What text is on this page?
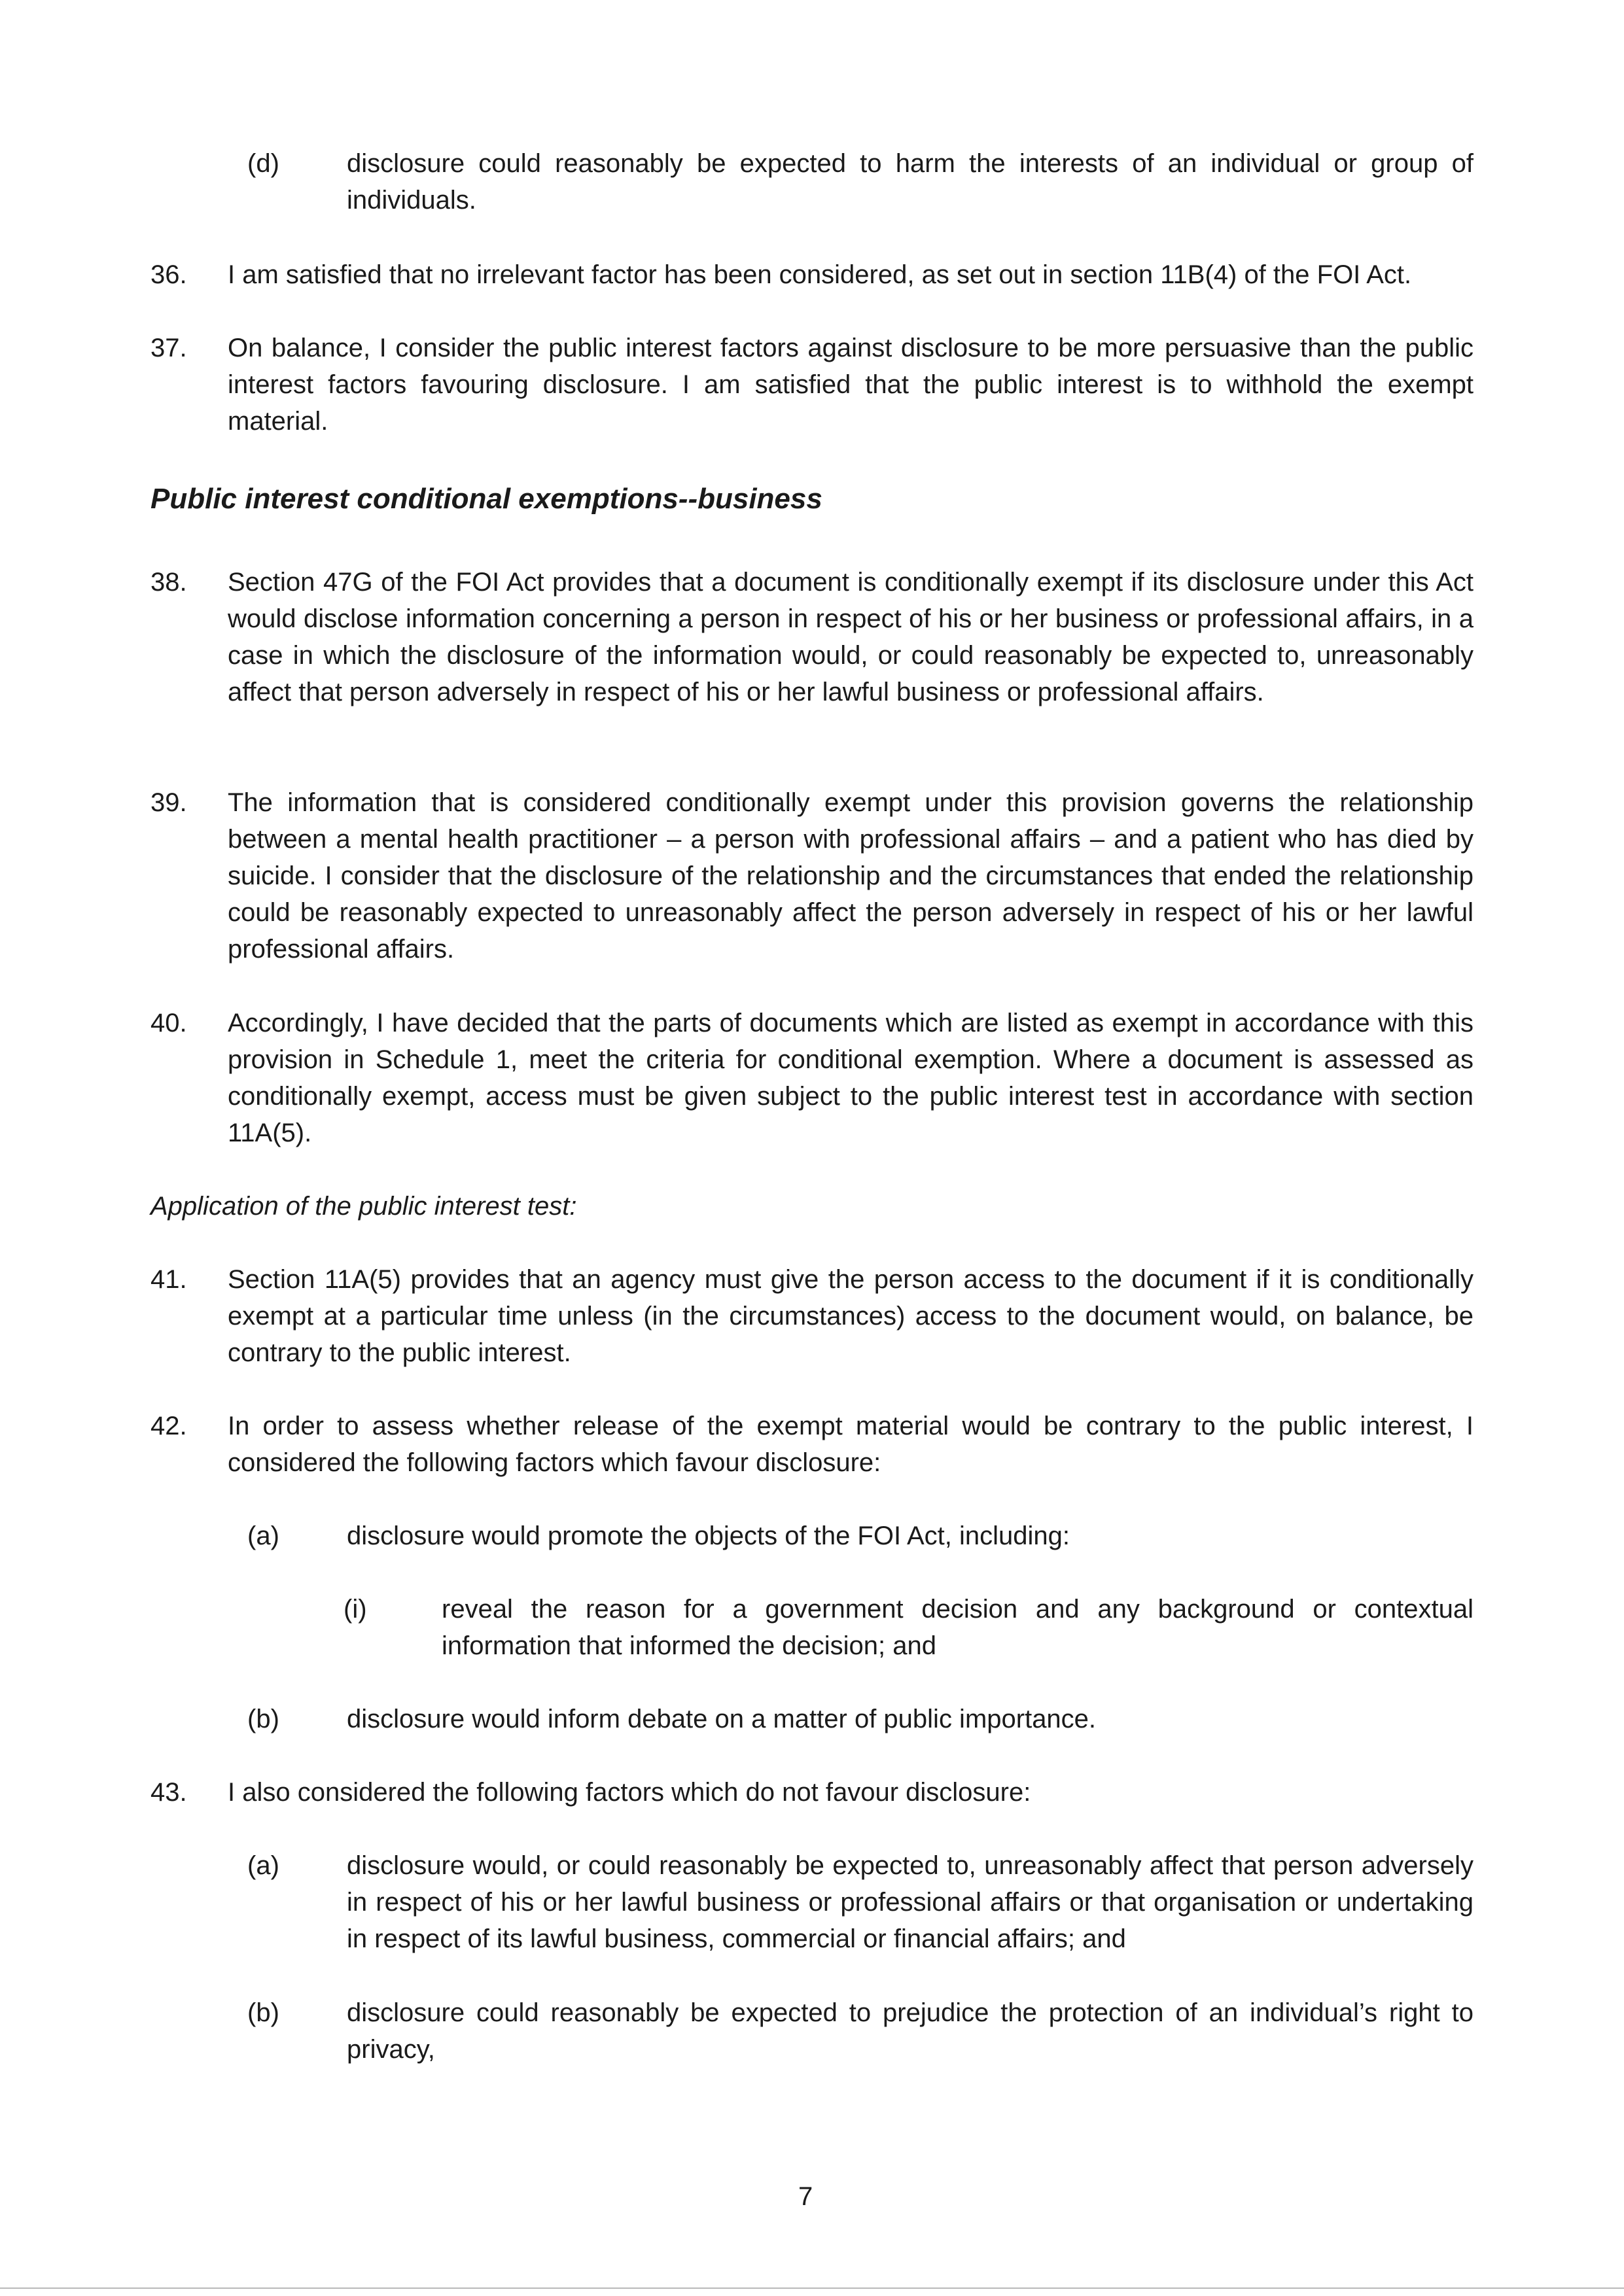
(d)	disclosure could reasonably be expected to harm the interests of an individual or group of individuals.
36. I am satisfied that no irrelevant factor has been considered, as set out in section 11B(4) of the FOI Act.
37. On balance, I consider the public interest factors against disclosure to be more persuasive than the public interest factors favouring disclosure. I am satisfied that the public interest is to withhold the exempt material.
Public interest conditional exemptions--business
38. Section 47G of the FOI Act provides that a document is conditionally exempt if its disclosure under this Act would disclose information concerning a person in respect of his or her business or professional affairs, in a case in which the disclosure of the information would, or could reasonably be expected to, unreasonably affect that person adversely in respect of his or her lawful business or professional affairs.
39. The information that is considered conditionally exempt under this provision governs the relationship between a mental health practitioner – a person with professional affairs – and a patient who has died by suicide. I consider that the disclosure of the relationship and the circumstances that ended the relationship could be reasonably expected to unreasonably affect the person adversely in respect of his or her lawful professional affairs.
40. Accordingly, I have decided that the parts of documents which are listed as exempt in accordance with this provision in Schedule 1, meet the criteria for conditional exemption. Where a document is assessed as conditionally exempt, access must be given subject to the public interest test in accordance with section 11A(5).
Application of the public interest test:
41. Section 11A(5) provides that an agency must give the person access to the document if it is conditionally exempt at a particular time unless (in the circumstances) access to the document would, on balance, be contrary to the public interest.
42. In order to assess whether release of the exempt material would be contrary to the public interest, I considered the following factors which favour disclosure:
(a)	disclosure would promote the objects of the FOI Act, including:
(i)	reveal the reason for a government decision and any background or contextual information that informed the decision; and
(b)	disclosure would inform debate on a matter of public importance.
43. I also considered the following factors which do not favour disclosure:
(a)	disclosure would, or could reasonably be expected to, unreasonably affect that person adversely in respect of his or her lawful business or professional affairs or that organisation or undertaking in respect of its lawful business, commercial or financial affairs; and
(b)	disclosure could reasonably be expected to prejudice the protection of an individual’s right to privacy,
7
